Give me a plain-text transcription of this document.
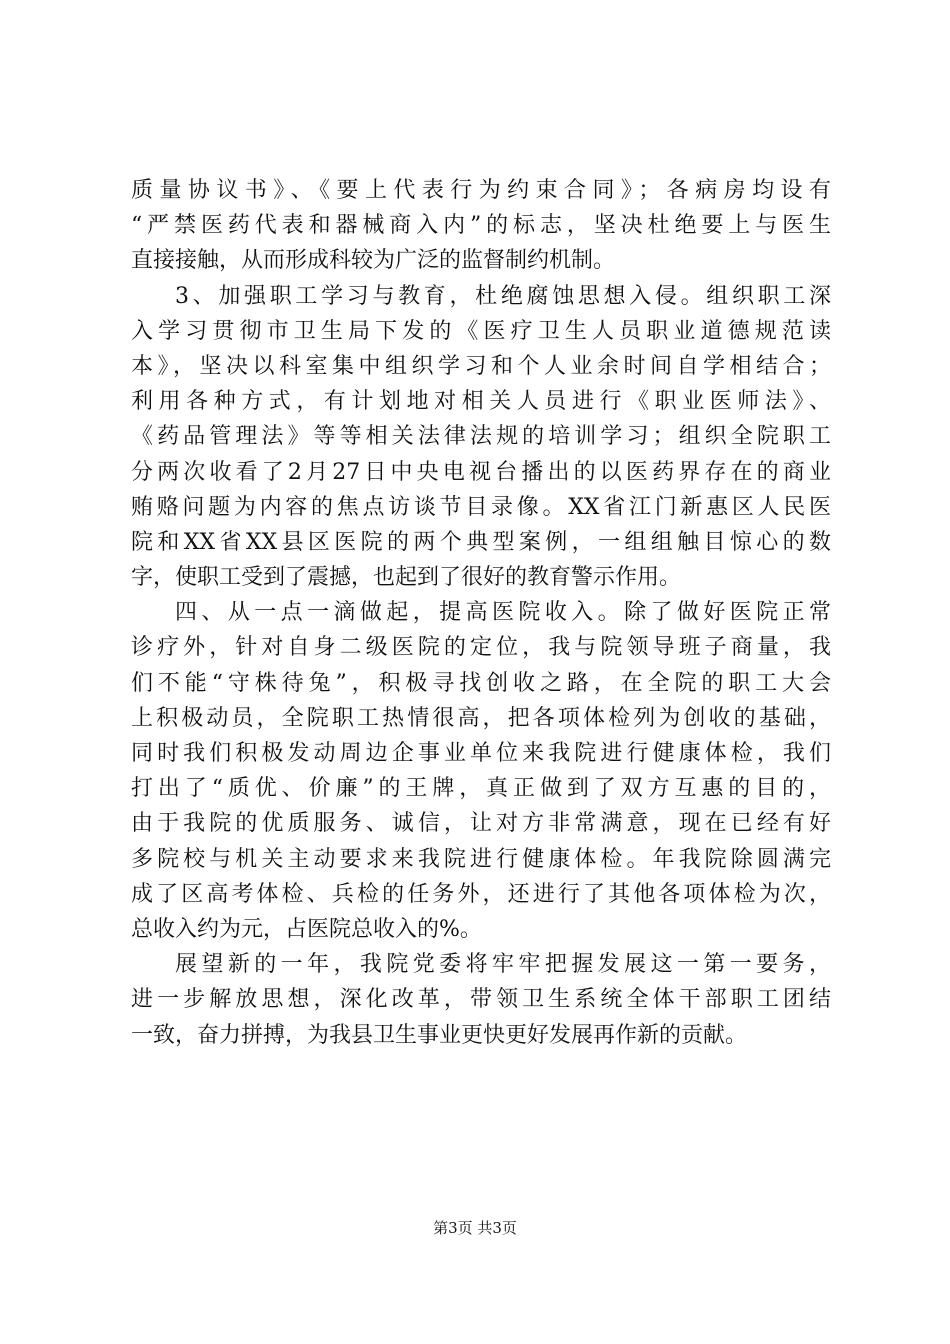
质量协议书》、《要上代表行为约束合同》；各病房均设有
“严禁医药代表和器械商入内”的标志，坚决杜绝要上与医生
直接接触，从而形成科较为广泛的监督制约机制。
3、加强职工学习与教育，杜绝腐蚀思想入侵。组织职工深
入学习贯彻市卫生局下发的《医疗卫生人员职业道德规范读
本》，坚决以科室集中组织学习和个人业余时间自学相结合；
利用各种方式，有计划地对相关人员进行《职业医师法》、
《药品管理法》等等相关法律法规的培训学习；组织全院职工
分两次收看了2月27日中央电视台播出的以医药界存在的商业
贿赂问题为内容的焦点访谈节目录像。XX省江门新惠区人民医
院和XX省XX县区医院的两个典型案例，一组组触目惊心的数
字，使职工受到了震撼，也起到了很好的教育警示作用。
四、从一点一滴做起，提高医院收入。除了做好医院正常
诊疗外，针对自身二级医院的定位，我与院领导班子商量，我
们不能“守株待兔”，积极寻找创收之路，在全院的职工大会
上积极动员，全院职工热情很高，把各项体检列为创收的基础，
同时我们积极发动周边企事业单位来我院进行健康体检，我们
打出了“质优、价廉”的王牌，真正做到了双方互惠的目的，
由于我院的优质服务、诚信，让对方非常满意，现在已经有好
多院校与机关主动要求来我院进行健康体检。年我院除圆满完
成了区高考体检、兵检的任务外，还进行了其他各项体检为次，
总收入约为元，占医院总收入的%。
展望新的一年，我院党委将牢牢把握发展这一第一要务，
进一步解放思想，深化改革，带领卫生系统全体干部职工团结
一致，奋力拼搏，为我县卫生事业更快更好发展再作新的贡献。
第3页 共3页
